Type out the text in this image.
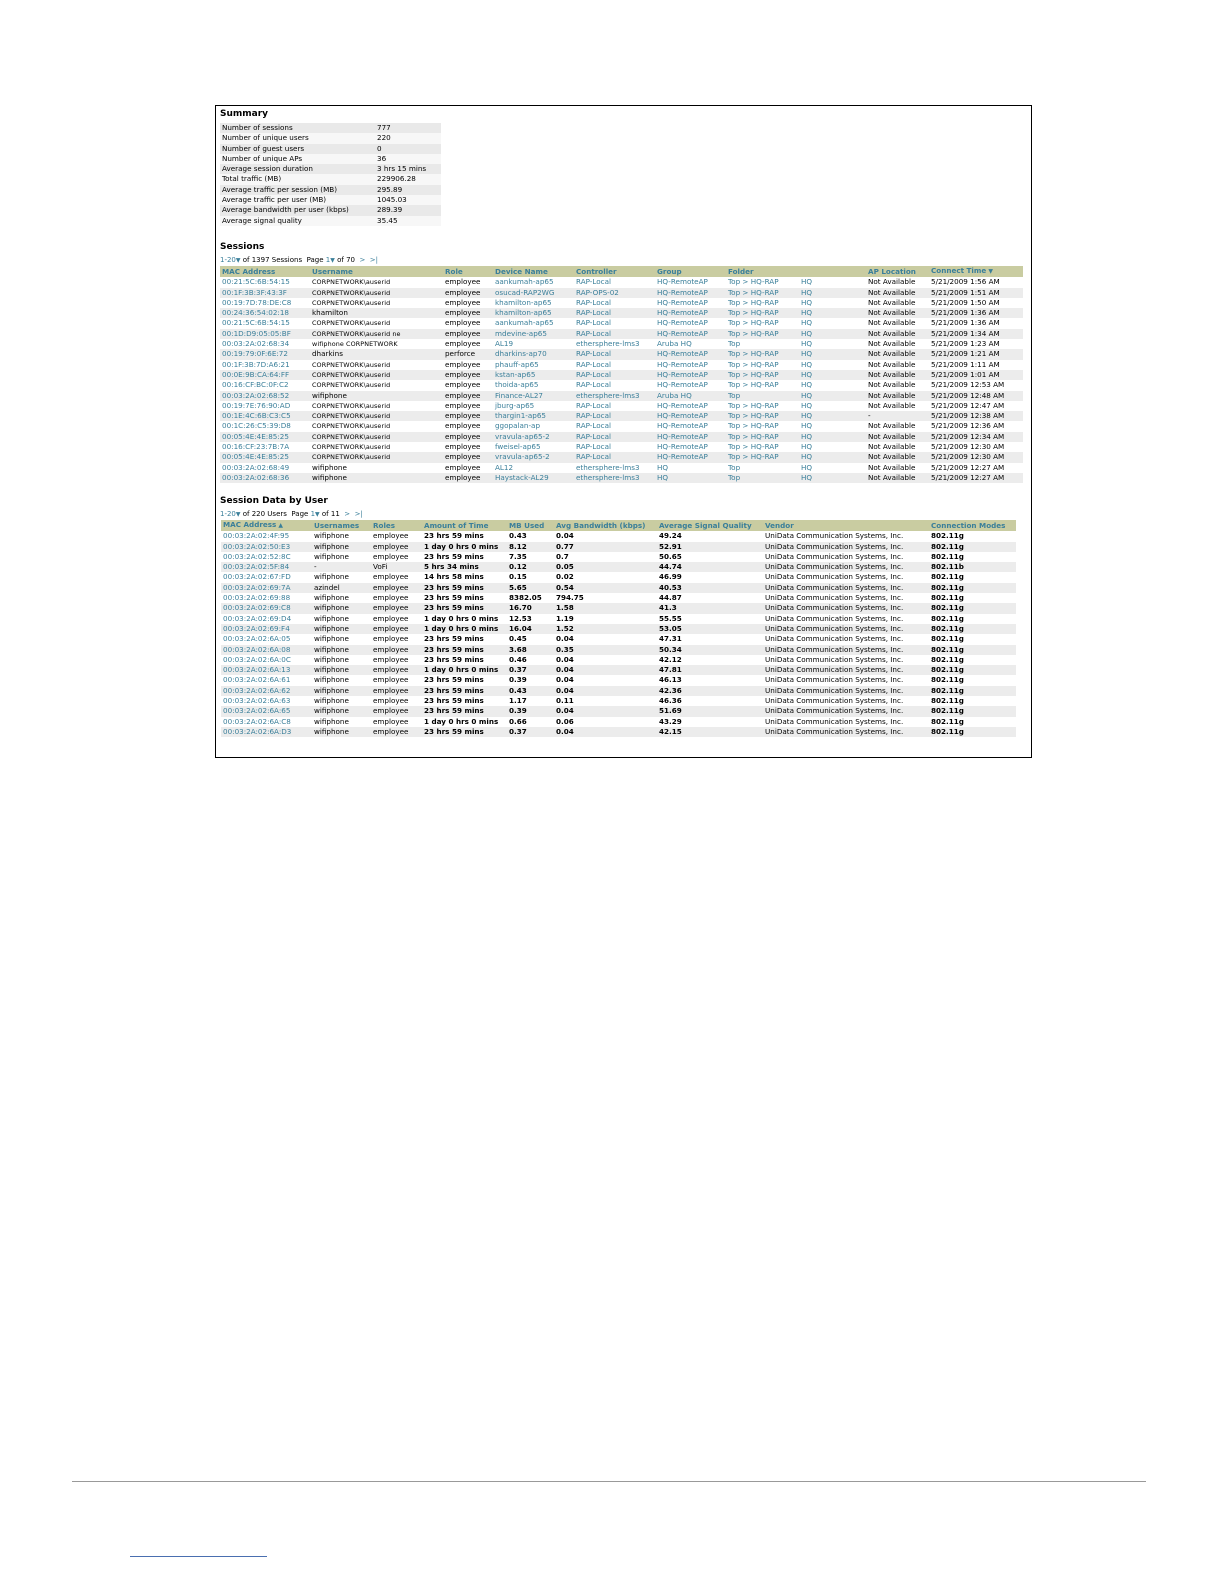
Summary
Number of sessions	777
Number of unique users	220
Number of guest users	0
Number of unique APs	36
Average session duration	3 hrs 15 mins
Total traffic (MB)	229906.28
Average traffic per session (MB)	295.89
Average traffic per user (MB)	1045.03
Average bandwidth per user (kbps)	289.39
Average signal quality	35.45
Sessions
1-20▼ of 1397 Sessions Page 1▼ of 70 > >|
MAC Address	Username	Role	Device Name	Controller	Group	Folder		AP Location	Connect Time ▼
00:21:5C:6B:54:15	CORPNETWORK\auserid	employee	aankumah-ap65	RAP-Local	HQ-RemoteAP	Top > HQ-RAP	HQ	Not Available	5/21/2009 1:56 AM
00:1F:3B:3F:43:3F	CORPNETWORK\auserid	employee	osucad-RAP2WG	RAP-OPS-02	HQ-RemoteAP	Top > HQ-RAP	HQ	Not Available	5/21/2009 1:51 AM
00:19:7D:78:DE:C8	CORPNETWORK\auserid	employee	khamilton-ap65	RAP-Local	HQ-RemoteAP	Top > HQ-RAP	HQ	Not Available	5/21/2009 1:50 AM
00:24:36:54:02:18	khamilton	employee	khamilton-ap65	RAP-Local	HQ-RemoteAP	Top > HQ-RAP	HQ	Not Available	5/21/2009 1:36 AM
00:21:5C:6B:54:15	CORPNETWORK\auserid	employee	aankumah-ap65	RAP-Local	HQ-RemoteAP	Top > HQ-RAP	HQ	Not Available	5/21/2009 1:36 AM
00:1D:D9:05:05:BF	CORPNETWORK\auserid ne	employee	mdevine-ap65	RAP-Local	HQ-RemoteAP	Top > HQ-RAP	HQ	Not Available	5/21/2009 1:34 AM
00:03:2A:02:68:34	wifiphone CORPNETWORK	employee	AL19	ethersphere-lms3	Aruba HQ	Top	HQ	Not Available	5/21/2009 1:23 AM
00:19:79:0F:6E:72	dharkins	perforce	dharkins-ap70	RAP-Local	HQ-RemoteAP	Top > HQ-RAP	HQ	Not Available	5/21/2009 1:21 AM
00:1F:3B:7D:A6:21	CORPNETWORK\auserid	employee	phauff-ap65	RAP-Local	HQ-RemoteAP	Top > HQ-RAP	HQ	Not Available	5/21/2009 1:11 AM
00:0E:9B:CA:64:FF	CORPNETWORK\auserid	employee	kstan-ap65	RAP-Local	HQ-RemoteAP	Top > HQ-RAP	HQ	Not Available	5/21/2009 1:01 AM
00:16:CF:BC:0F:C2	CORPNETWORK\auserid	employee	thoida-ap65	RAP-Local	HQ-RemoteAP	Top > HQ-RAP	HQ	Not Available	5/21/2009 12:53 AM
00:03:2A:02:68:52	wifiphone	employee	Finance-AL27	ethersphere-lms3	Aruba HQ	Top	HQ	Not Available	5/21/2009 12:48 AM
00:19:7E:76:90:AD	CORPNETWORK\auserid	employee	jburg-ap65	RAP-Local	HQ-RemoteAP	Top > HQ-RAP	HQ	Not Available	5/21/2009 12:47 AM
00:1E:4C:6B:C3:C5	CORPNETWORK\auserid	employee	thargin1-ap65	RAP-Local	HQ-RemoteAP	Top > HQ-RAP	HQ	-	5/21/2009 12:38 AM
00:1C:26:C5:39:D8	CORPNETWORK\auserid	employee	ggopalan-ap	RAP-Local	HQ-RemoteAP	Top > HQ-RAP	HQ	Not Available	5/21/2009 12:36 AM
00:05:4E:4E:85:25	CORPNETWORK\auserid	employee	vravula-ap65-2	RAP-Local	HQ-RemoteAP	Top > HQ-RAP	HQ	Not Available	5/21/2009 12:34 AM
00:16:CF:23:7B:7A	CORPNETWORK\auserid	employee	fweisel-ap65	RAP-Local	HQ-RemoteAP	Top > HQ-RAP	HQ	Not Available	5/21/2009 12:30 AM
00:05:4E:4E:85:25	CORPNETWORK\auserid	employee	vravula-ap65-2	RAP-Local	HQ-RemoteAP	Top > HQ-RAP	HQ	Not Available	5/21/2009 12:30 AM
00:03:2A:02:68:49	wifiphone	employee	AL12	ethersphere-lms3	HQ	Top	HQ	Not Available	5/21/2009 12:27 AM
00:03:2A:02:68:36	wifiphone	employee	Haystack-AL29	ethersphere-lms3	HQ	Top	HQ	Not Available	5/21/2009 12:27 AM
Session Data by User
1-20▼ of 220 Users Page 1▼ of 11 > >|
MAC Address ▲	Usernames	Roles	Amount of Time	MB Used	Avg Bandwidth (kbps)	Average Signal Quality	Vendor	Connection Modes
00:03:2A:02:4F:95	wifiphone	employee	23 hrs 59 mins	0.43	0.04	49.24	UniData Communication Systems, Inc.	802.11g
00:03:2A:02:50:E3	wifiphone	employee	1 day 0 hrs 0 mins	8.12	0.77	52.91	UniData Communication Systems, Inc.	802.11g
00:03:2A:02:52:8C	wifiphone	employee	23 hrs 59 mins	7.35	0.7	50.65	UniData Communication Systems, Inc.	802.11g
00:03:2A:02:5F:84	-	VoFi	5 hrs 34 mins	0.12	0.05	44.74	UniData Communication Systems, Inc.	802.11b
00:03:2A:02:67:FD	wifiphone	employee	14 hrs 58 mins	0.15	0.02	46.99	UniData Communication Systems, Inc.	802.11g
00:03:2A:02:69:7A	azindel	employee	23 hrs 59 mins	5.65	0.54	40.53	UniData Communication Systems, Inc.	802.11g
00:03:2A:02:69:88	wifiphone	employee	23 hrs 59 mins	8382.05	794.75	44.87	UniData Communication Systems, Inc.	802.11g
00:03:2A:02:69:C8	wifiphone	employee	23 hrs 59 mins	16.70	1.58	41.3	UniData Communication Systems, Inc.	802.11g
00:03:2A:02:69:D4	wifiphone	employee	1 day 0 hrs 0 mins	12.53	1.19	55.55	UniData Communication Systems, Inc.	802.11g
00:03:2A:02:69:F4	wifiphone	employee	1 day 0 hrs 0 mins	16.04	1.52	53.05	UniData Communication Systems, Inc.	802.11g
00:03:2A:02:6A:05	wifiphone	employee	23 hrs 59 mins	0.45	0.04	47.31	UniData Communication Systems, Inc.	802.11g
00:03:2A:02:6A:08	wifiphone	employee	23 hrs 59 mins	3.68	0.35	50.34	UniData Communication Systems, Inc.	802.11g
00:03:2A:02:6A:0C	wifiphone	employee	23 hrs 59 mins	0.46	0.04	42.12	UniData Communication Systems, Inc.	802.11g
00:03:2A:02:6A:13	wifiphone	employee	1 day 0 hrs 0 mins	0.37	0.04	47.81	UniData Communication Systems, Inc.	802.11g
00:03:2A:02:6A:61	wifiphone	employee	23 hrs 59 mins	0.39	0.04	46.13	UniData Communication Systems, Inc.	802.11g
00:03:2A:02:6A:62	wifiphone	employee	23 hrs 59 mins	0.43	0.04	42.36	UniData Communication Systems, Inc.	802.11g
00:03:2A:02:6A:63	wifiphone	employee	23 hrs 59 mins	1.17	0.11	46.36	UniData Communication Systems, Inc.	802.11g
00:03:2A:02:6A:65	wifiphone	employee	23 hrs 59 mins	0.39	0.04	51.69	UniData Communication Systems, Inc.	802.11g
00:03:2A:02:6A:C8	wifiphone	employee	1 day 0 hrs 0 mins	0.66	0.06	43.29	UniData Communication Systems, Inc.	802.11g
00:03:2A:02:6A:D3	wifiphone	employee	23 hrs 59 mins	0.37	0.04	42.15	UniData Communication Systems, Inc.	802.11g
